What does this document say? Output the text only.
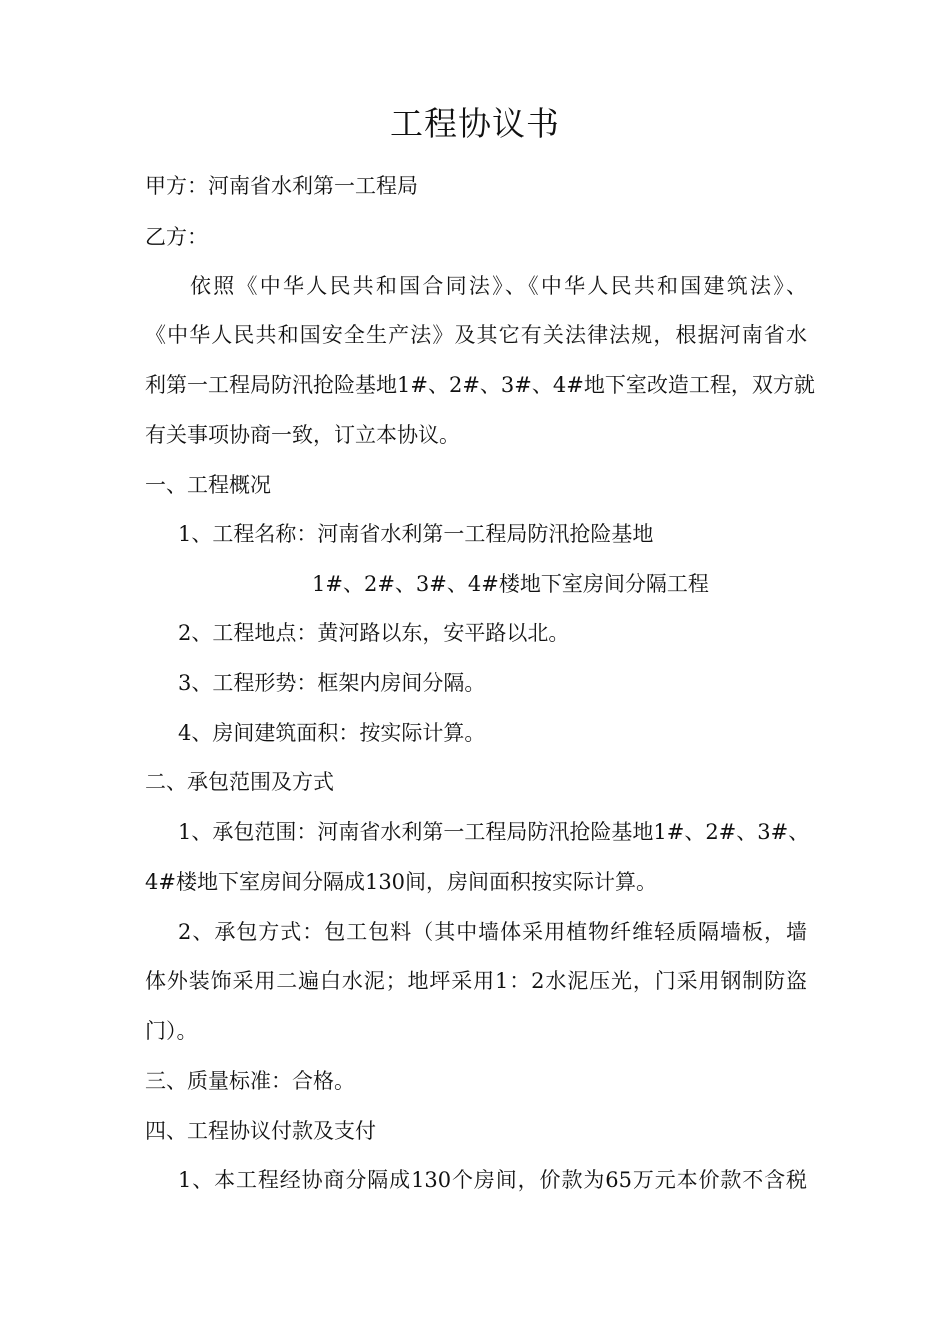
工程协议书
甲方：河南省水利第一工程局
乙方：
依照《中华人民共和国合同法》、《中华人民共和国建筑法》、
《中华人民共和国安全生产法》及其它有关法律法规，根据河南省水
利第一工程局防汛抢险基地1#、2#、3#、4#地下室改造工程，双方就
有关事项协商一致，订立本协议。
一、工程概况
1、工程名称：河南省水利第一工程局防汛抢险基地
1#、2#、3#、4#楼地下室房间分隔工程
2、工程地点：黄河路以东，安平路以北。
3、工程形势：框架内房间分隔。
4、房间建筑面积：按实际计算。
二、承包范围及方式
1、承包范围：河南省水利第一工程局防汛抢险基地1#、2#、3#、
4#楼地下室房间分隔成130间，房间面积按实际计算。
2、承包方式：包工包料（其中墙体采用植物纤维轻质隔墙板，墙
体外装饰采用二遍白水泥；地坪采用1：2水泥压光，门采用钢制防盗
门）。
三、质量标准：合格。
四、工程协议付款及支付
1、本工程经协商分隔成130个房间，价款为65万元本价款不含税
